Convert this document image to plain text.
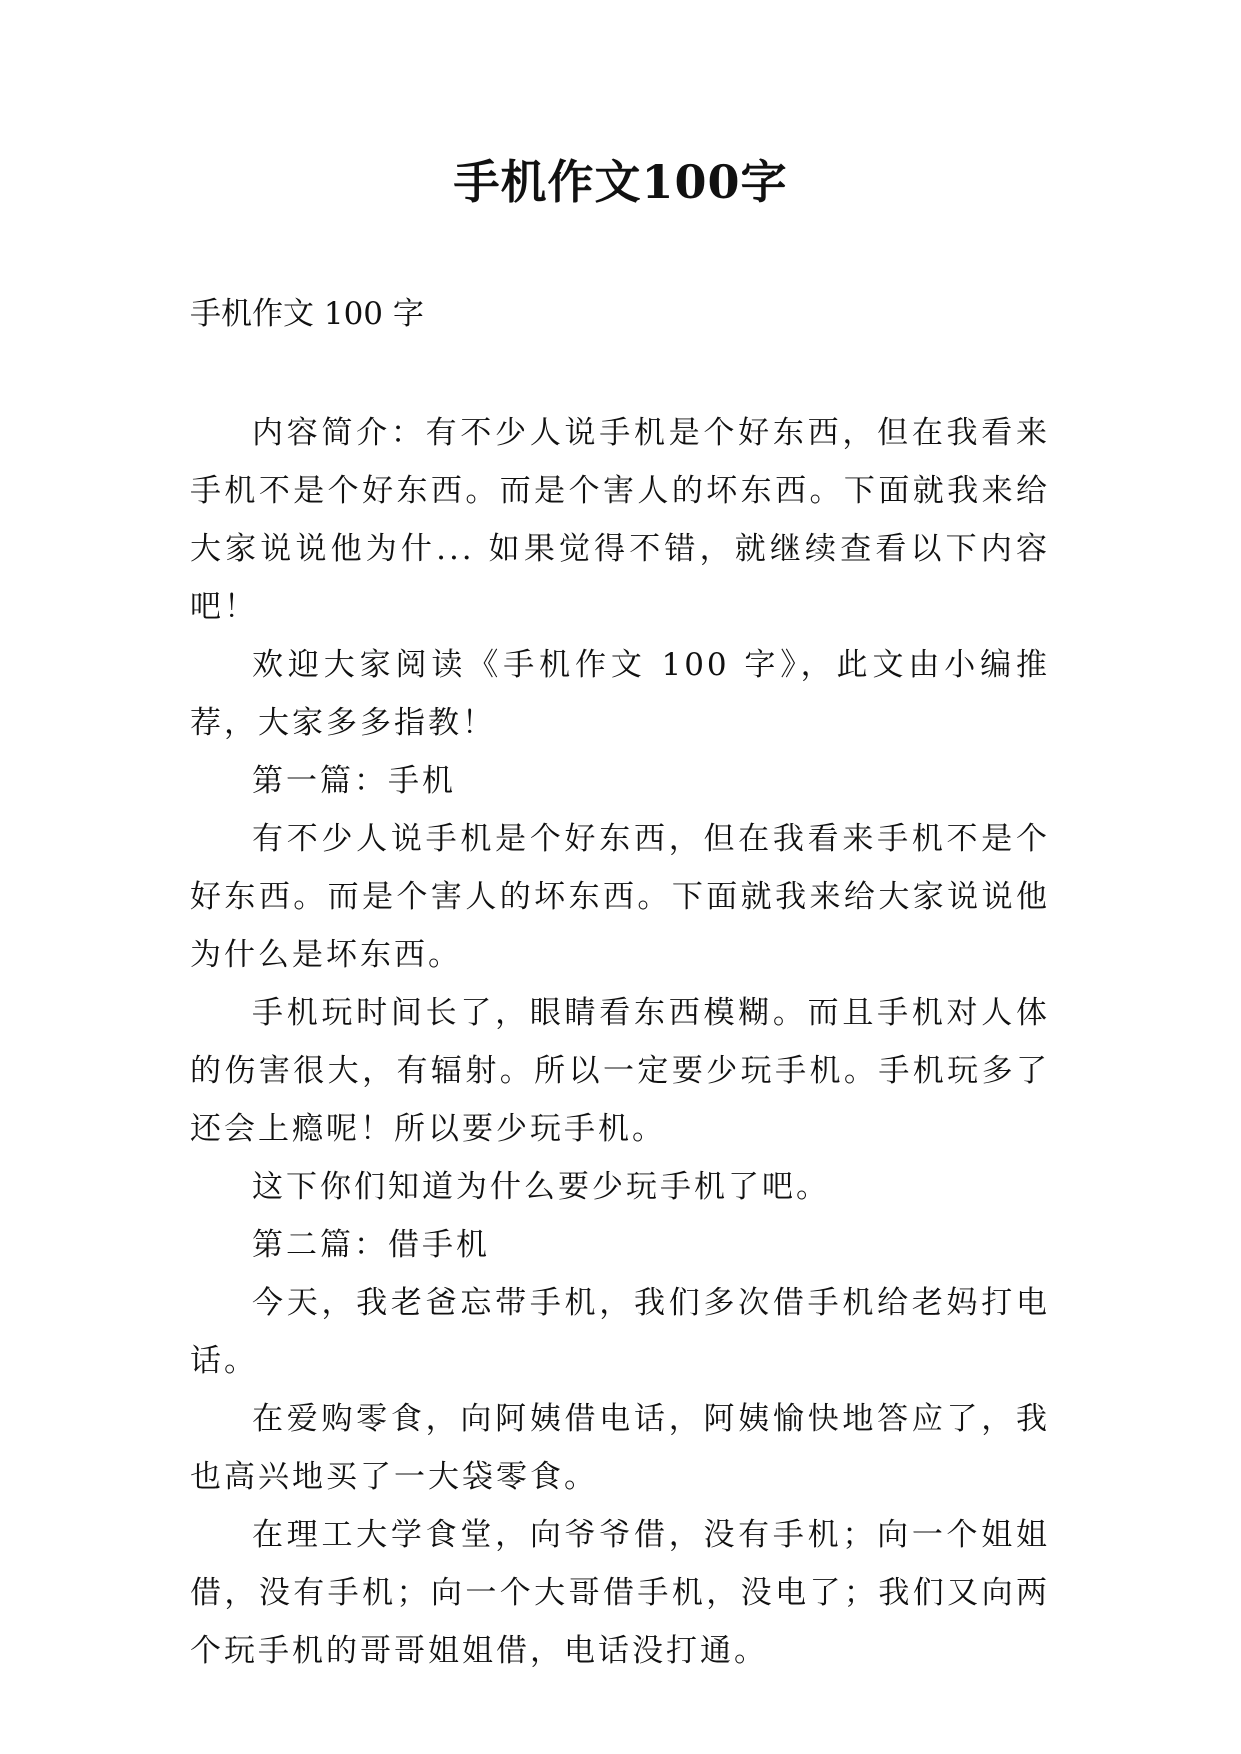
手机作文100字
手机作文 100 字

内容简介：有不少人说手机是个好东西，但在我看来手机不是个好东西。而是个害人的坏东西。下面就我来给大家说说他为什... 如果觉得不错，就继续查看以下内容吧！

欢迎大家阅读《手机作文 100 字》，此文由小编推荐，大家多多指教！

第一篇：手机

有不少人说手机是个好东西，但在我看来手机不是个好东西。而是个害人的坏东西。下面就我来给大家说说他为什么是坏东西。

手机玩时间长了，眼睛看东西模糊。而且手机对人体的伤害很大，有辐射。所以一定要少玩手机。手机玩多了还会上瘾呢！所以要少玩手机。

这下你们知道为什么要少玩手机了吧。

第二篇：借手机

今天，我老爸忘带手机，我们多次借手机给老妈打电话。

在爱购零食，向阿姨借电话，阿姨愉快地答应了，我也高兴地买了一大袋零食。

在理工大学食堂，向爷爷借，没有手机；向一个姐姐借，没有手机；向一个大哥借手机，没电了；我们又向两个玩手机的哥哥姐姐借，电话没打通。
